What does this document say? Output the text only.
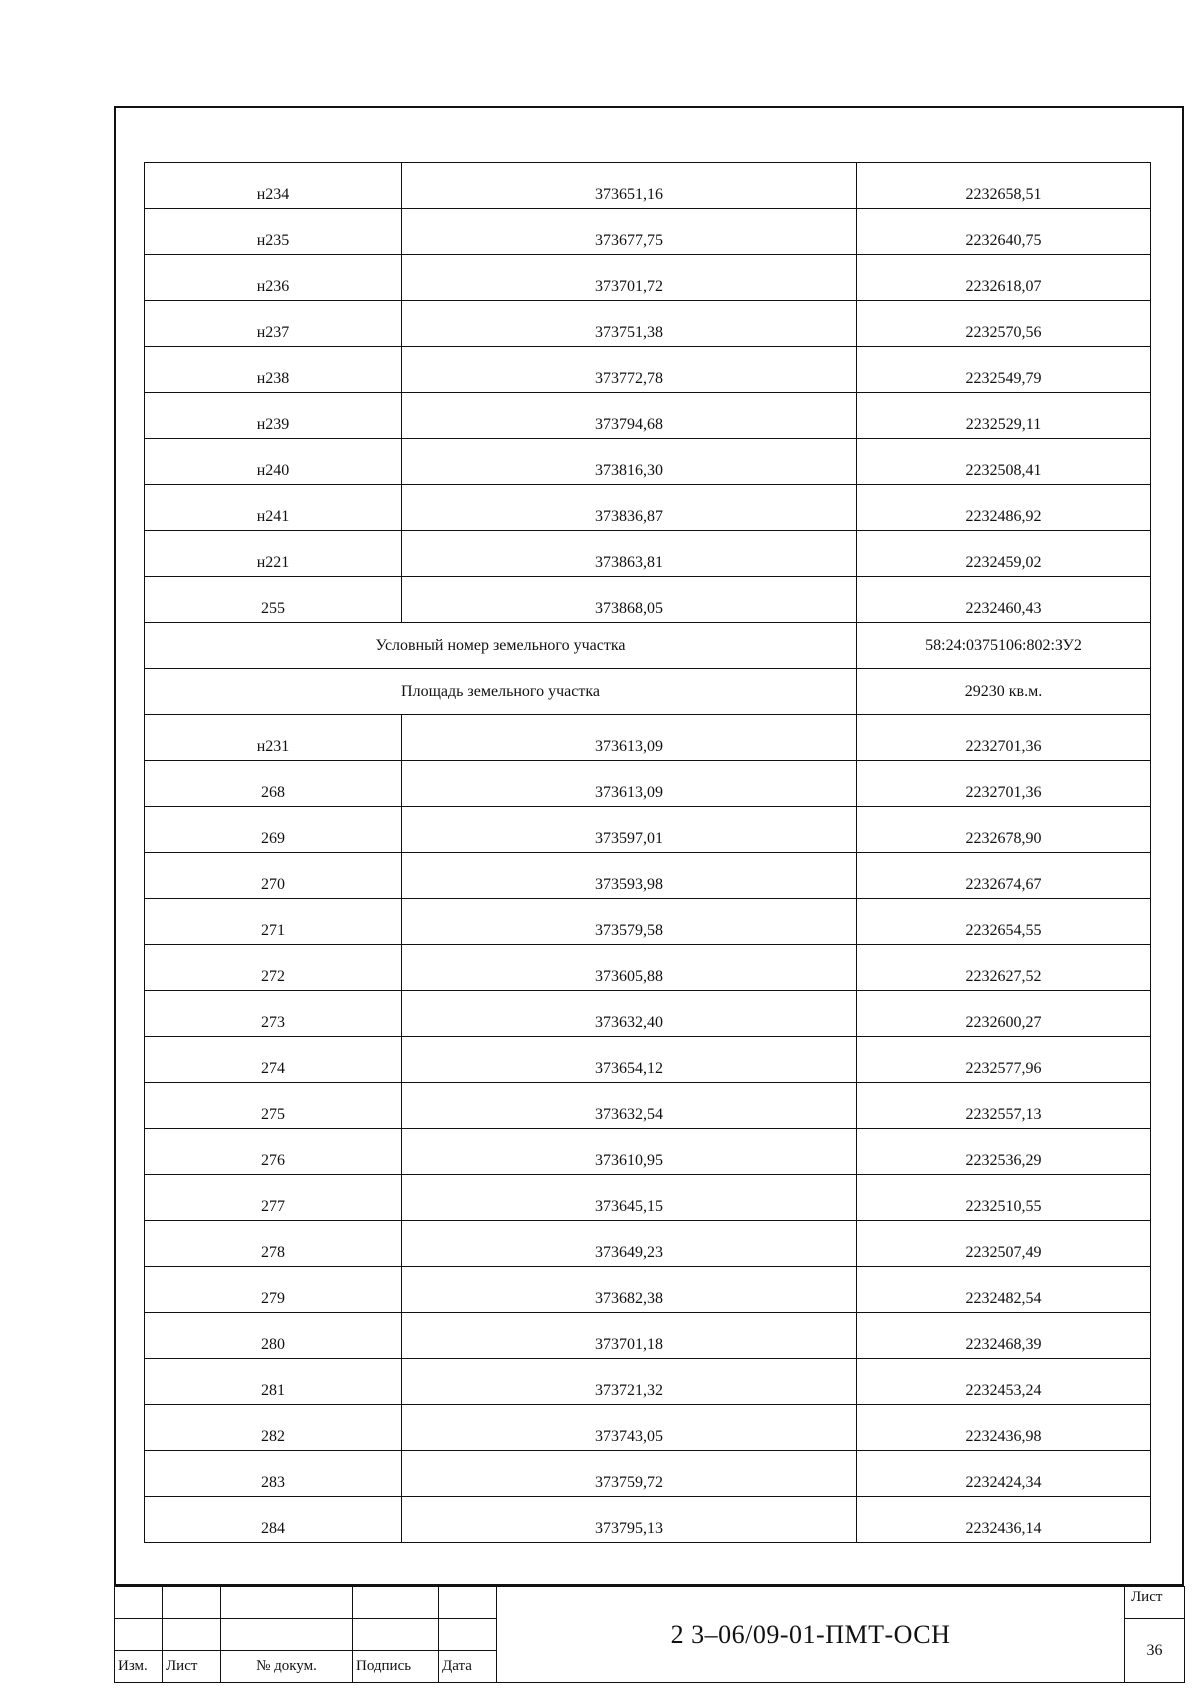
н234	373651,16	2232658,51
н235	373677,75	2232640,75
н236	373701,72	2232618,07
н237	373751,38	2232570,56
н238	373772,78	2232549,79
н239	373794,68	2232529,11
н240	373816,30	2232508,41
н241	373836,87	2232486,92
н221	373863,81	2232459,02
255	373868,05	2232460,43
Условный номер земельного участка		58:24:0375106:802:ЗУ2
Площадь земельного участка		29230 кв.м.
н231	373613,09	2232701,36
268	373613,09	2232701,36
269	373597,01	2232678,90
270	373593,98	2232674,67
271	373579,58	2232654,55
272	373605,88	2232627,52
273	373632,40	2232600,27
274	373654,12	2232577,96
275	373632,54	2232557,13
276	373610,95	2232536,29
277	373645,15	2232510,55
278	373649,23	2232507,49
279	373682,38	2232482,54
280	373701,18	2232468,39
281	373721,32	2232453,24
282	373743,05	2232436,98
283	373759,72	2232424,34
284	373795,13	2232436,14
					2 3–06/09-01-ПМТ-ОСН	Лист
						36
Изм.	Лист	№ докум.	Подпись	Дата		
